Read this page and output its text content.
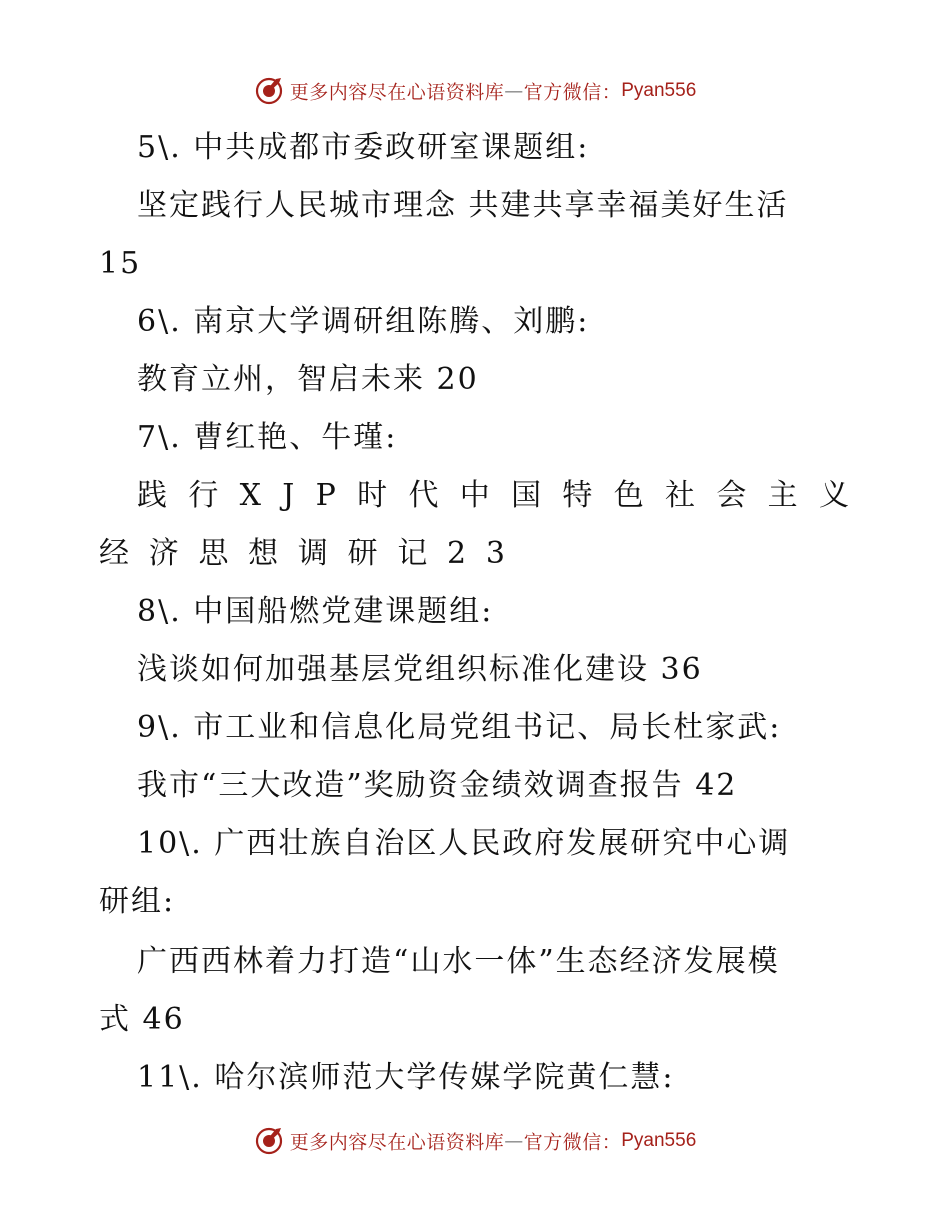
更多内容尽在心语资料库—官方微信：Pyan556
5\. 中共成都市委政研室课题组:
坚定践行人民城市理念 共建共享幸福美好生活
15
6\. 南京大学调研组陈腾、刘鹏:
教育立州，智启未来 20
7\. 曹红艳、牛瑾:
践 行 X J P 时 代 中 国 特 色 社 会 主 义
经 济 思 想 调 研 记 2 3
8\. 中国船燃党建课题组:
浅谈如何加强基层党组织标准化建设 36
9\. 市工业和信息化局党组书记、局长杜家武:
我市“三大改造”奖励资金绩效调查报告 42
10\. 广西壮族自治区人民政府发展研究中心调
研组:
广西西林着力打造“山水一体”生态经济发展模
式 46
11\. 哈尔滨师范大学传媒学院黄仁慧:
更多内容尽在心语资料库—官方微信：Pyan556
